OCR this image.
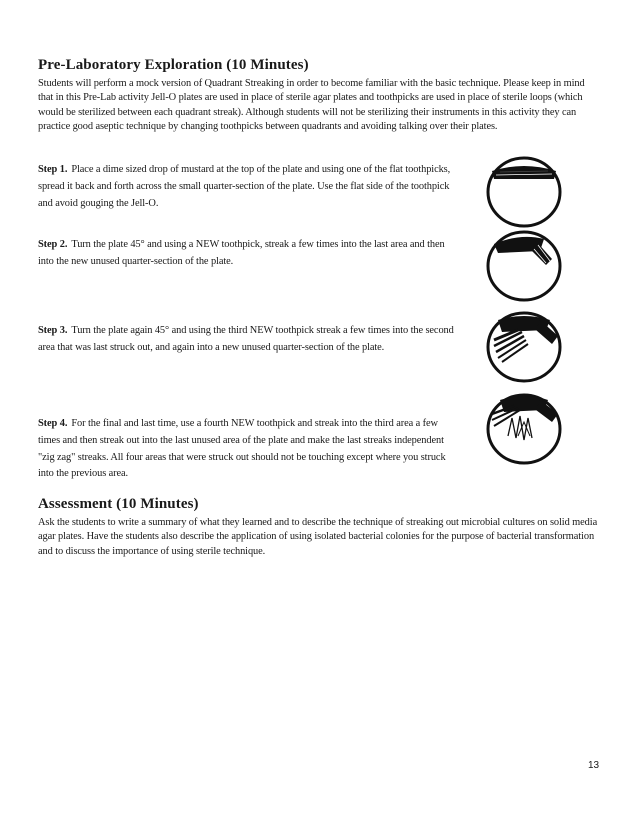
Pre-Laboratory Exploration (10 Minutes)

Students will perform a mock version of Quadrant Streaking in order to become familiar with the basic technique. Please keep in mind that in this Pre-Lab activity Jell-O plates are used in place of sterile agar plates and toothpicks are used in place of sterile loops (which would be sterilized between each quadrant streak). Although students will not be sterilizing their instruments in this activity they can practice good aseptic technique by changing toothpicks between quadrants and avoiding talking over their plates.

Step 1. Place a dime sized drop of mustard at the top of the plate and using one of the flat toothpicks, spread it back and forth across the small quarter-section of the plate. Use the flat side of the toothpick and avoid gouging the Jell-O.

Step 2. Turn the plate 45° and using a NEW toothpick, streak a few times into the last area and then into the new unused quarter-section of the plate.

Step 3. Turn the plate again 45° and using the third NEW toothpick streak a few times into the second area that was last struck out, and again into a new unused quarter-section of the plate.

Step 4. For the final and last time, use a fourth NEW toothpick and streak into the third area a few times and then streak out into the last unused area of the plate and make the last streaks independent "zig zag" streaks. All four areas that were struck out should not be touching except where you struck into the previous area.

Assessment (10 Minutes)

Ask the students to write a summary of what they learned and to describe the technique of streaking out microbial cultures on solid media agar plates. Have the students also describe the application of using isolated bacterial colonies for the purpose of bacterial transformation and to discuss the importance of using sterile technique.

13
